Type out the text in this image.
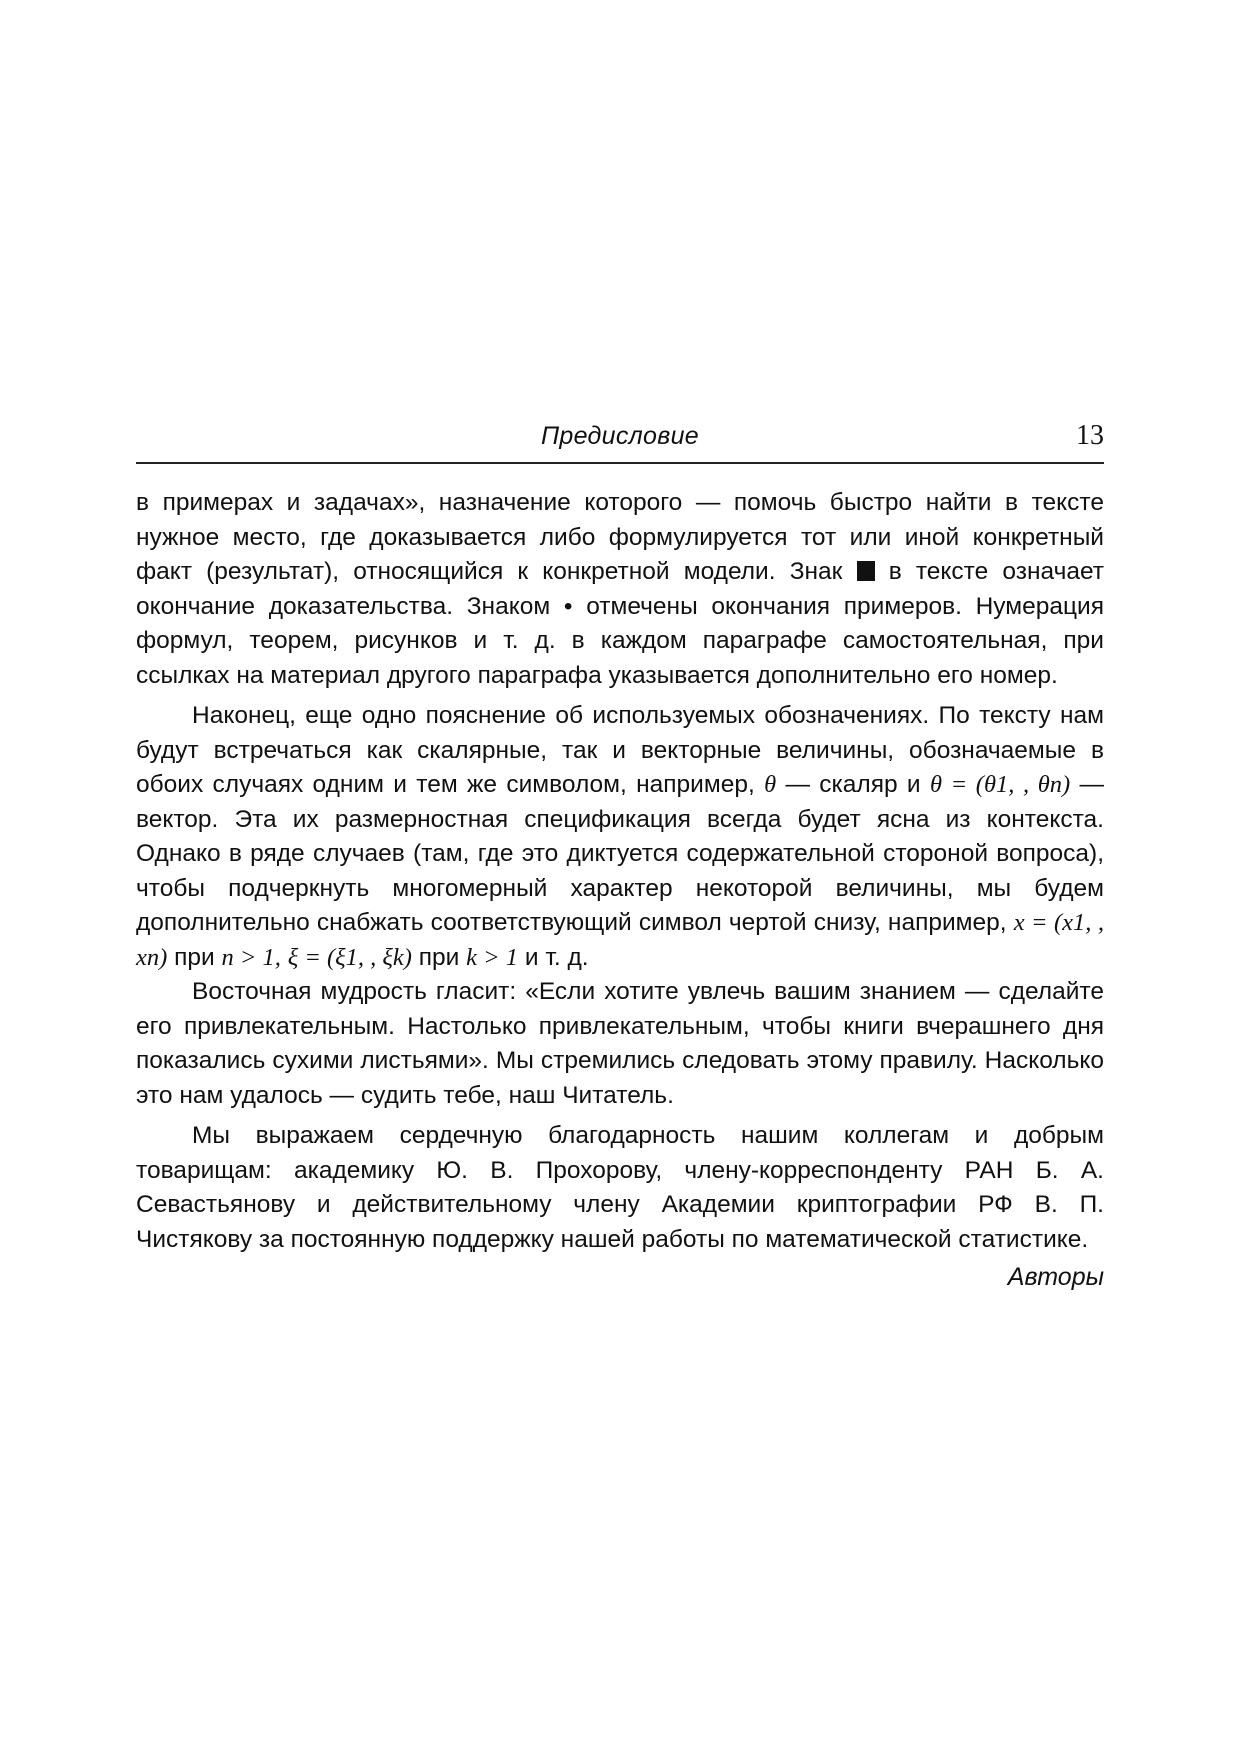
Предисловие	13

в примерах и задачах», назначение которого — помочь быстро найти в тексте нужное место, где доказывается либо формулируется тот или иной конкретный факт (результат), относящийся к конкретной модели. Знак в тексте означает окончание доказательства. Знаком • отмечены окончания примеров. Нумерация формул, теорем, рисунков и т. д. в каждом параграфе самостоятельная, при ссылках на материал другого параграфа указывается дополнительно его номер.

Наконец, еще одно пояснение об используемых обозначениях. По тексту нам будут встречаться как скалярные, так и векторные величины, обозначаемые в обоих случаях одним и тем же символом, например, θ — скаляр и θ = (θ1, , θn) — вектор. Эта их размерностная спецификация всегда будет ясна из контекста. Однако в ряде случаев (там, где это диктуется содержательной стороной вопроса), чтобы подчеркнуть многомерный характер некоторой величины, мы будем дополнительно снабжать соответствующий символ чертой снизу, например, x = (x1, , xn) при n > 1, ξ = (ξ1, , ξk) при k > 1 и т. д.

Восточная мудрость гласит: «Если хотите увлечь вашим знанием — сделайте его привлекательным. Настолько привлекательным, чтобы книги вчерашнего дня показались сухими листьями». Мы стремились следовать этому правилу. Насколько это нам удалось — судить тебе, наш Читатель.

Мы выражаем сердечную благодарность нашим коллегам и добрым товарищам: академику Ю. В. Прохорову, члену-корреспонденту РАН Б. А. Севастьянову и действительному члену Академии криптографии РФ В. П. Чистякову за постоянную поддержку нашей работы по математической статистике.

Авторы
